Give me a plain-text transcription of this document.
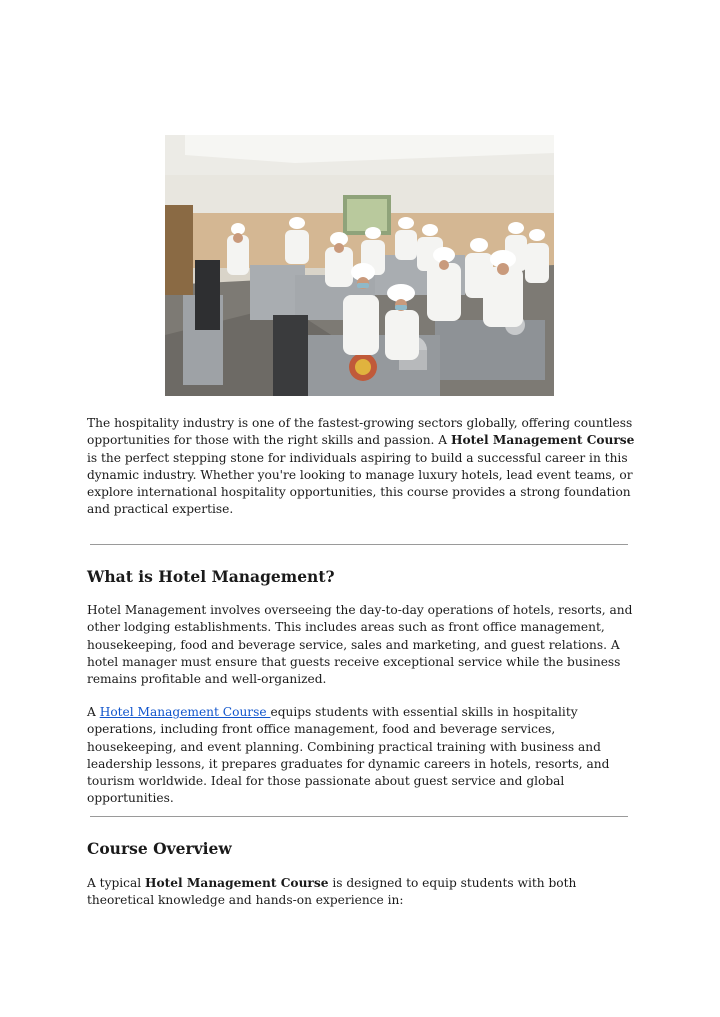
The hospitality industry is one of the fastest-growing sectors globally, offering countless opportunities for those with the right skills and passion. A Hotel Management Course is the perfect stepping stone for individuals aspiring to build a successful career in this dynamic industry. Whether you're looking to manage luxury hotels, lead event teams, or explore international hospitality opportunities, this course provides a strong foundation and practical expertise.

What is Hotel Management?

Hotel Management involves overseeing the day-to-day operations of hotels, resorts, and other lodging establishments. This includes areas such as front office management, housekeeping, food and beverage service, sales and marketing, and guest relations. A hotel manager must ensure that guests receive exceptional service while the business remains profitable and well-organized.

A Hotel Management Course equips students with essential skills in hospitality operations, including front office management, food and beverage services, housekeeping, and event planning. Combining practical training with business and leadership lessons, it prepares graduates for dynamic careers in hotels, resorts, and tourism worldwide. Ideal for those passionate about guest service and global opportunities.

Course Overview

A typical Hotel Management Course is designed to equip students with both theoretical knowledge and hands-on experience in:
